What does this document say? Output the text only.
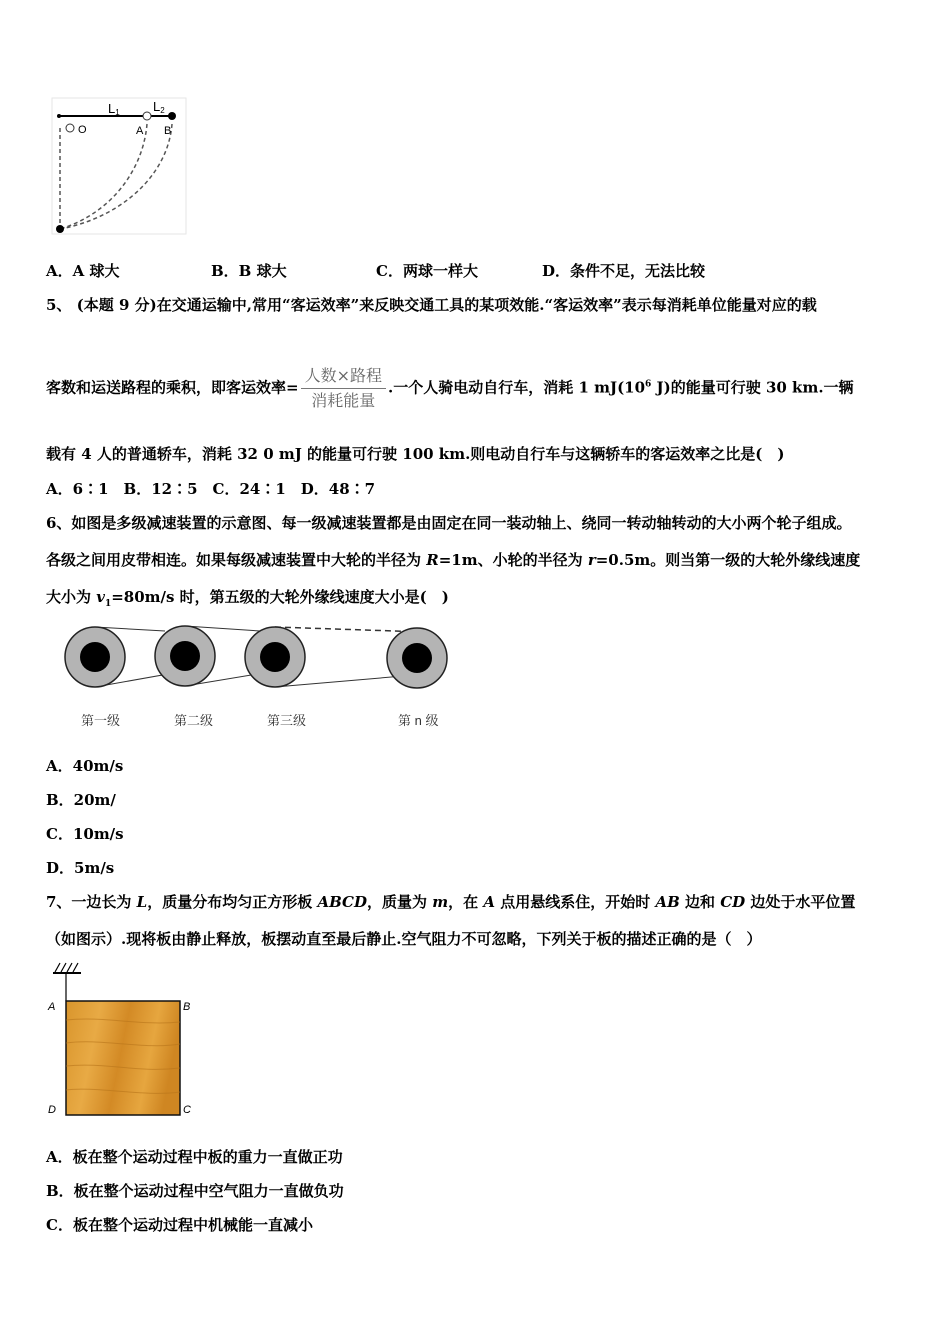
L1	L2
O	A B
A．A 球大	B．B 球大	C．两球一样大	D．条件不足，无法比较
5、 (本题 9 分)在交通运输中,常用“客运效率”来反映交通工具的某项效能.“客运效率”表示每消耗单位能量对应的载
客数和运送路程的乘积，即客运效率= $\frac{\text{人数×路程}}{\text{消耗能量}}$ .一个人骑电动自行车，消耗 1 $mJ(10^6$ J)的能量可行驶 30 km.一辆
载有 4 人的普通轿车，消耗 32 0 mJ 的能量可行驶 100 km.则电动自行车与这辆轿车的客运效率之比是(　)
A．6∶1　B．12∶5　C．24∶1　D．48∶7
6、如图是多级减速装置的示意图、每一级减速装置都是由固定在同一装动轴上、绕同一转动轴转动的大小两个轮子组成。
各级之间用皮带相连。如果每级减速装置中大轮的半径为 R=1m、小轮的半径为 r=0.5m。则当第一级的大轮外缘线速度
大小为 $v_1=80m/s$ 时，第五级的大轮外缘线速度大小是(　)
第一级	第二级	第三级	第 n 级
A．40m/s
B．20m/
C．10m/s
D．5m/s
7、一边长为 L，质量分布均匀正方形板 ABCD，质量为 m，在 A 点用悬线系住，开始时 AB 边和 CD 边处于水平位置
（如图示）.现将板由静止释放，板摆动直至最后静止.空气阻力不可忽略，下列关于板的描述正确的是（　）
A	B
D	C
A．板在整个运动过程中板的重力一直做正功
B．板在整个运动过程中空气阻力一直做负功
C．板在整个运动过程中机械能一直减小
